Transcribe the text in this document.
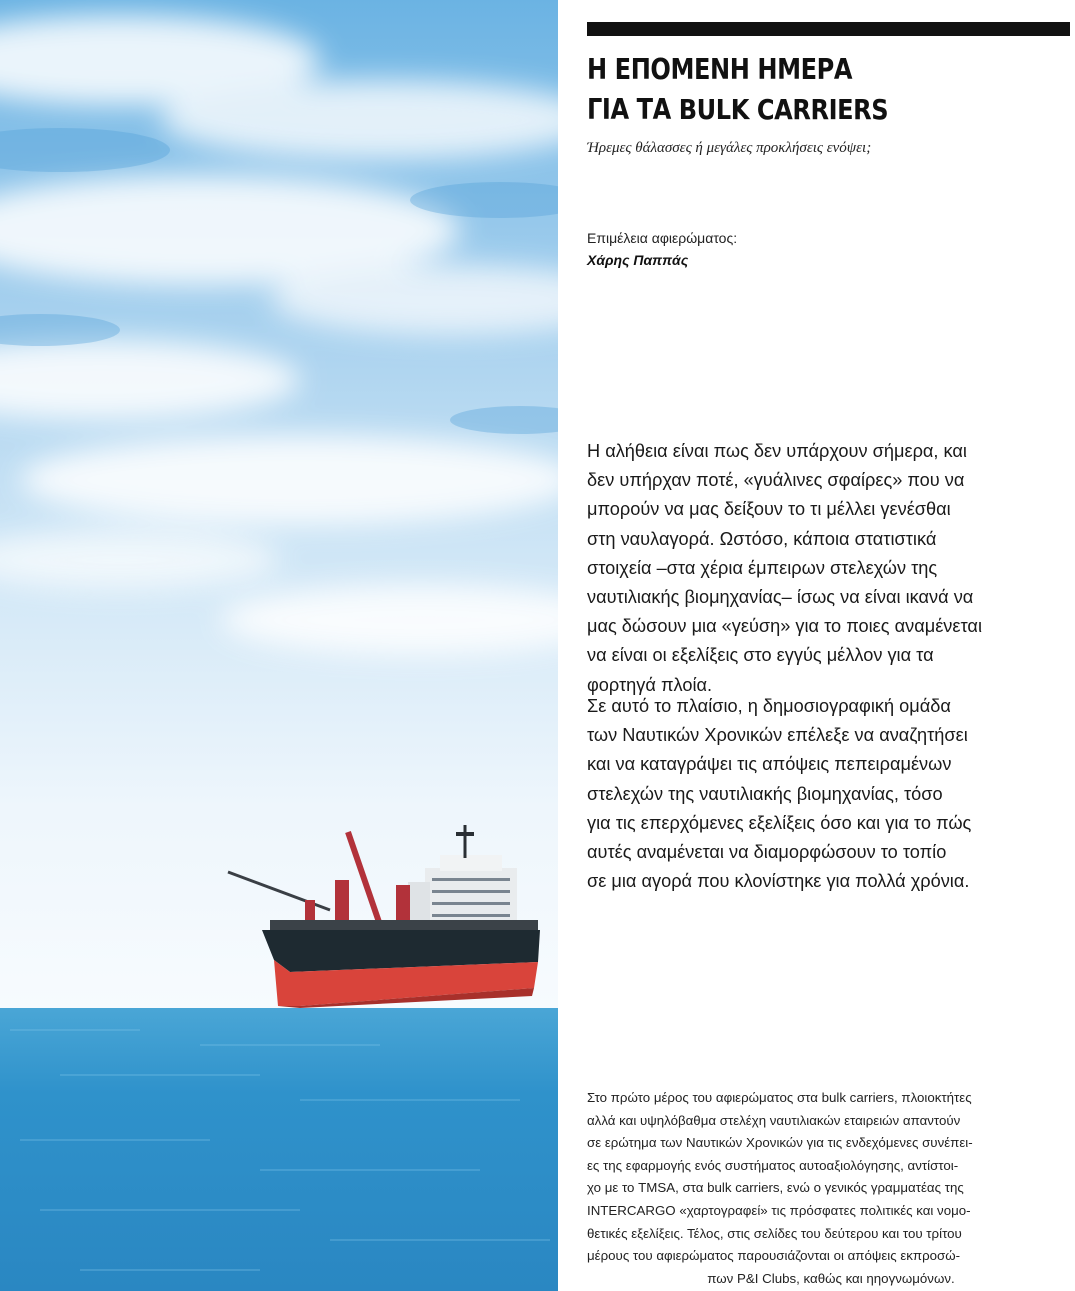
Η ΕΠΟΜΕΝΗ ΗΜΕΡΑ
ΓΙΑ ΤΑ BULK CARRIERS
Ήρεμες θάλασσες ή μεγάλες προκλήσεις ενόψει;
Επιμέλεια αφιερώματος:
Χάρης Παππάς

Η αλήθεια είναι πως δεν υπάρχουν σήμερα, και
δεν υπήρχαν ποτέ, «γυάλινες σφαίρες» που να
μπορούν να μας δείξουν το τι μέλλει γενέσθαι
στη ναυλαγορά. Ωστόσο, κάποια στατιστικά
στοιχεία –στα χέρια έμπειρων στελεχών της
ναυτιλιακής βιομηχανίας– ίσως να είναι ικανά να
μας δώσουν μια «γεύση» για το ποιες αναμένεται
να είναι οι εξελίξεις στο εγγύς μέλλον για τα
φορτηγά πλοία.

Σε αυτό το πλαίσιο, η δημοσιογραφική ομάδα
των Ναυτικών Χρονικών επέλεξε να αναζητήσει
και να καταγράψει τις απόψεις πεπειραμένων
στελεχών της ναυτιλιακής βιομηχανίας, τόσο
για τις επερχόμενες εξελίξεις όσο και για το πώς
αυτές αναμένεται να διαμορφώσουν το τοπίο
σε μια αγορά που κλονίστηκε για πολλά χρόνια.

Στο πρώτο μέρος του αφιερώματος στα bulk carriers, πλοιοκτήτες
αλλά και υψηλόβαθμα στελέχη ναυτιλιακών εταιρειών απαντούν
σε ερώτημα των Ναυτικών Χρονικών για τις ενδεχόμενες συνέπει-
ες της εφαρμογής ενός συστήματος αυτοαξιολόγησης, αντίστοι-
χο με το TMSA, στα bulk carriers, ενώ ο γενικός γραμματέας της
INTERCARGO «χαρτογραφεί» τις πρόσφατες πολιτικές και νομο-
θετικές εξελίξεις. Τέλος, στις σελίδες του δεύτερου και του τρίτου
μέρους του αφιερώματος παρουσιάζονται οι απόψεις εκπροσώ-
πων P&I Clubs, καθώς και ηηογνωμόνων.
